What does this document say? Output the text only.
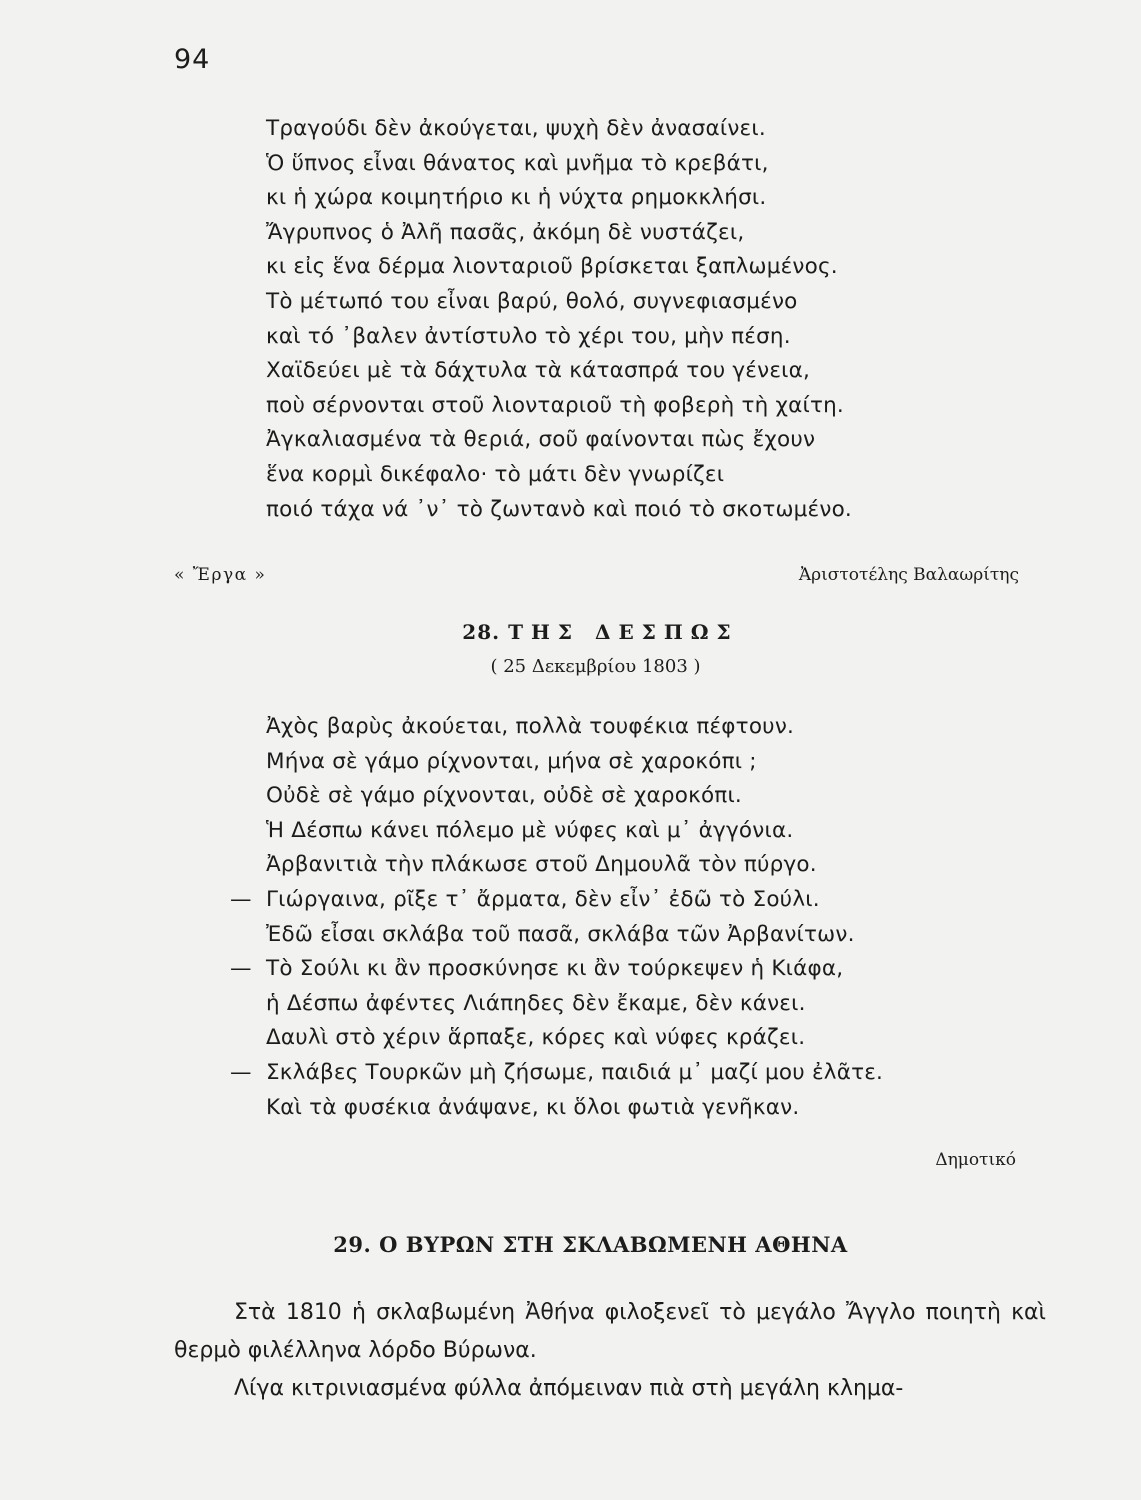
94
Τραγούδι δὲν ἀκούγεται, ψυχὴ δὲν ἀνασαίνει.
Ὁ ὕπνος εἶναι θάνατος καὶ μνῆμα τὸ κρεβάτι,
κι ἡ χώρα κοιμητήριο κι ἡ νύχτα ρημοκκλήσι.
Ἄγρυπνος ὁ Ἀλῆ πασᾶς, ἀκόμη δὲ νυστάζει,
κι εἰς ἕνα δέρμα λιονταριοῦ βρίσκεται ξαπλωμένος.
Τὸ μέτωπό του εἶναι βαρύ, θολό, συγνεφιασμένο
καὶ τό ᾽βαλεν ἀντίστυλο τὸ χέρι του, μὴν πέση.
Χαϊδεύει μὲ τὰ δάχτυλα τὰ κάτασπρά του γένεια,
ποὺ σέρνονται στοῦ λιονταριοῦ τὴ φοβερὴ τὴ χαίτη.
Ἀγκαλιασμένα τὰ θεριά, σοῦ φαίνονται πὼς ἔχουν
ἕνα κορμὶ δικέφαλο· τὸ μάτι δὲν γνωρίζει
ποιό τάχα νά ᾽ν᾽ τὸ ζωντανὸ καὶ ποιό τὸ σκοτωμένο.
« Ἔργα »	Ἀριστοτέλης Βαλαωρίτης
28. ΤΗΣ ΔΕΣΠΩΣ
( 25 Δεκεμβρίου 1803 )
Ἀχὸς βαρὺς ἀκούεται, πολλὰ τουφέκια πέφτουν.
Μήνα σὲ γάμο ρίχνονται, μήνα σὲ χαροκόπι ;
Οὐδὲ σὲ γάμο ρίχνονται, οὐδὲ σὲ χαροκόπι.
Ἡ Δέσπω κάνει πόλεμο μὲ νύφες καὶ μ᾽ ἀγγόνια.
Ἀρβανιτιὰ τὴν πλάκωσε στοῦ Δημουλᾶ τὸν πύργο.
— Γιώργαινα, ρῖξε τ᾽ ἄρματα, δὲν εἶν᾽ ἐδῶ τὸ Σούλι.
Ἐδῶ εἶσαι σκλάβα τοῦ πασᾶ, σκλάβα τῶν Ἀρβανίτων.
— Τὸ Σούλι κι ἂν προσκύνησε κι ἂν τούρκεψεν ἡ Κιάφα,
ἡ Δέσπω ἀφέντες Λιάπηδες δὲν ἔκαμε, δὲν κάνει.
Δαυλὶ στὸ χέριν ἅρπαξε, κόρες καὶ νύφες κράζει.
— Σκλάβες Τουρκῶν μὴ ζήσωμε, παιδιά μ᾽ μαζί μου ἐλᾶτε.
Καὶ τὰ φυσέκια ἀνάψανε, κι ὅλοι φωτιὰ γενῆκαν.
Δημοτικό
29. Ο ΒΥΡΩΝ ΣΤΗ ΣΚΛΑΒΩΜΕΝΗ ΑΘΗΝΑ

Στὰ 1810 ἡ σκλαβωμένη Ἀθήνα φιλοξενεῖ τὸ μεγάλο Ἄγγλο ποιητὴ καὶ θερμὸ φιλέλληνα λόρδο Βύρωνα.

Λίγα κιτρινιασμένα φύλλα ἀπόμειναν πιὰ στὴ μεγάλη κλημα-
